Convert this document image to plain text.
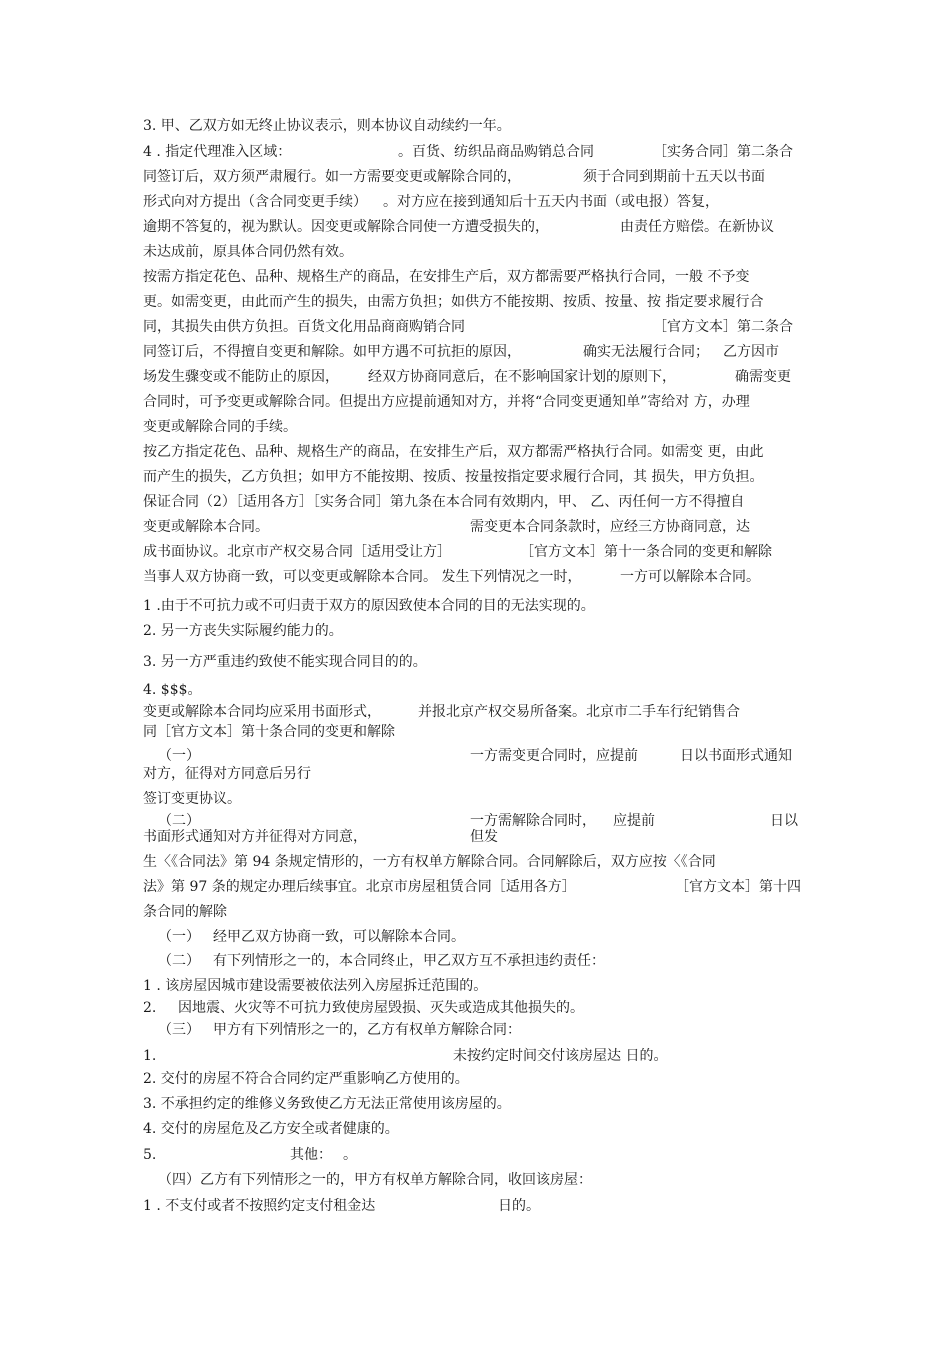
3. 甲、乙双方如无终止协议表示，则本协议自动续约一年。
4 . 指定代理准入区域：	。百货、纺织品商品购销总合同	［实务合同］第二条合
同签订后，双方须严肃履行。如一方需要变更或解除合同的，	须于合同到期前十五天以书面
形式向对方提出（含合同变更手续） 。对方应在接到通知后十五天内书面（或电报）答复，
逾期不答复的，视为默认。因变更或解除合同使一方遭受损失的，	由责任方赔偿。在新协议
未达成前，原具体合同仍然有效。
按需方指定花色、品种、规格生产的商品，在安排生产后，双方都需要严格执行合同，一般 不予变
更。如需变更，由此而产生的损失，由需方负担；如供方不能按期、按质、按量、按 指定要求履行合
同，其损失由供方负担。百货文化用品商商购销合同	［官方文本］第二条合
同签订后，不得擅自变更和解除。如甲方遇不可抗拒的原因，	确实无法履行合同； 乙方因市
场发生骤变或不能防止的原因， 经双方协商同意后，在不影响国家计划的原则下，	确需变更
合同时，可予变更或解除合同。但提出方应提前通知对方，并将“合同变更通知单”寄给对 方，办理
变更或解除合同的手续。
按乙方指定花色、品种、规格生产的商品，在安排生产后，双方都需严格执行合同。如需变 更，由此
而产生的损失，乙方负担；如甲方不能按期、按质、按量按指定要求履行合同，其 损失，甲方负担。
保证合同（2）［适用各方］［实务合同］第九条在本合同有效期内，甲、 乙、丙任何一方不得擅自
变更或解除本合同。	需变更本合同条款时，应经三方协商同意，达
成书面协议。北京市产权交易合同［适用受让方］	［官方文本］第十一条合同的变更和解除
当事人双方协商一致，可以变更或解除本合同。 发生下列情况之一时，	一方可以解除本合同。
1 .由于不可抗力或不可归责于双方的原因致使本合同的目的无法实现的。
2. 另一方丧失实际履约能力的。
3. 另一方严重违约致使不能实现合同目的的。
4. $$$。
变更或解除本合同均应采用书面形式，	并报北京产权交易所备案。北京市二手车行纪销售合
同［官方文本］第十条合同的变更和解除
（一）	一方需变更合同时，应提前	日以书面形式通知
对方，征得对方同意后另行
签订变更协议。
（二）	一方需解除合同时， 应提前	日以
书面形式通知对方并征得对方同意，	但发
生〈《合同法》第 94 条规定情形的，一方有权单方解除合同。合同解除后，双方应按〈《合同
法》第 97 条的规定办理后续事宜。北京市房屋租赁合同［适用各方］	［官方文本］第十四
条合同的解除
（一） 经甲乙双方协商一致，可以解除本合同。
（二） 有下列情形之一的，本合同终止，甲乙双方互不承担违约责任：
1 . 该房屋因城市建设需要被依法列入房屋拆迁范围的。
2. 因地震、火灾等不可抗力致使房屋毁损、灭失或造成其他损失的。
（三） 甲方有下列情形之一的，乙方有权单方解除合同：
1.	未按约定时间交付该房屋达 日的。
2. 交付的房屋不符合合同约定严重影响乙方使用的。
3. 不承担约定的维修义务致使乙方无法正常使用该房屋的。
4. 交付的房屋危及乙方安全或者健康的。
5.	其他： 。
（四）乙方有下列情形之一的，甲方有权单方解除合同，收回该房屋：
1 . 不支付或者不按照约定支付租金达	日的。
